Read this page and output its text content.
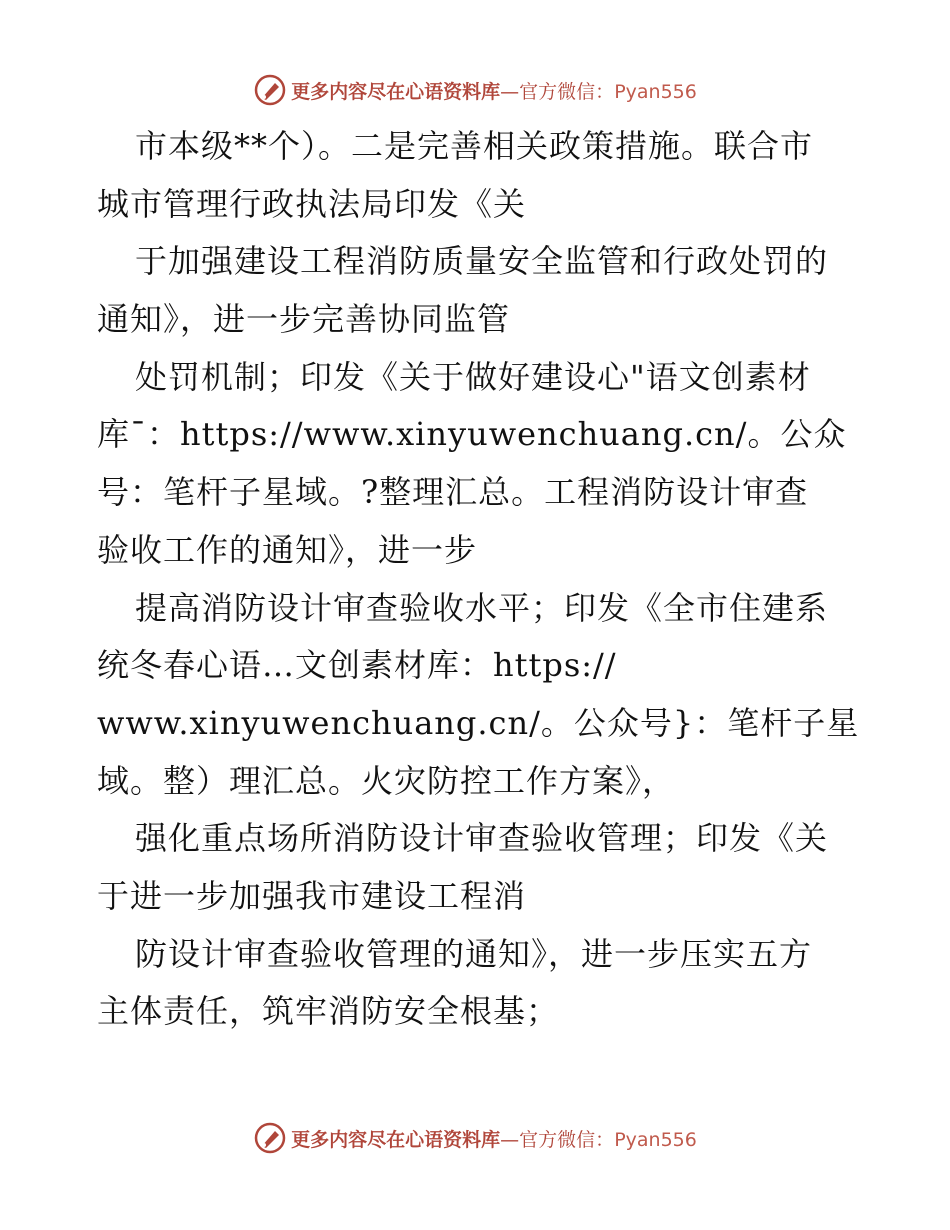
更多内容尽在心语资料库—官方微信：Pyan556
市本级**个）。二是完善相关政策措施。联合市
城市管理行政执法局印发《关
于加强建设工程消防质量安全监管和行政处罚的
通知》，进一步完善协同监管
处罚机制；印发《关于做好建设心"语文创素材
库¯：https://www.xinyuwenchuang.cn/。公众
号：笔杆子星域。?整理汇总。工程消防设计审查
验收工作的通知》，进一步
提高消防设计审查验收水平；印发《全市住建系
统冬春心语…文创素材库：https://
www.xinyuwenchuang.cn/。公众号}：笔杆子星
域。整）理汇总。火灾防控工作方案》，
强化重点场所消防设计审查验收管理；印发《关
于进一步加强我市建设工程消
防设计审查验收管理的通知》，进一步压实五方
主体责任，筑牢消防安全根基；
更多内容尽在心语资料库—官方微信：Pyan556
